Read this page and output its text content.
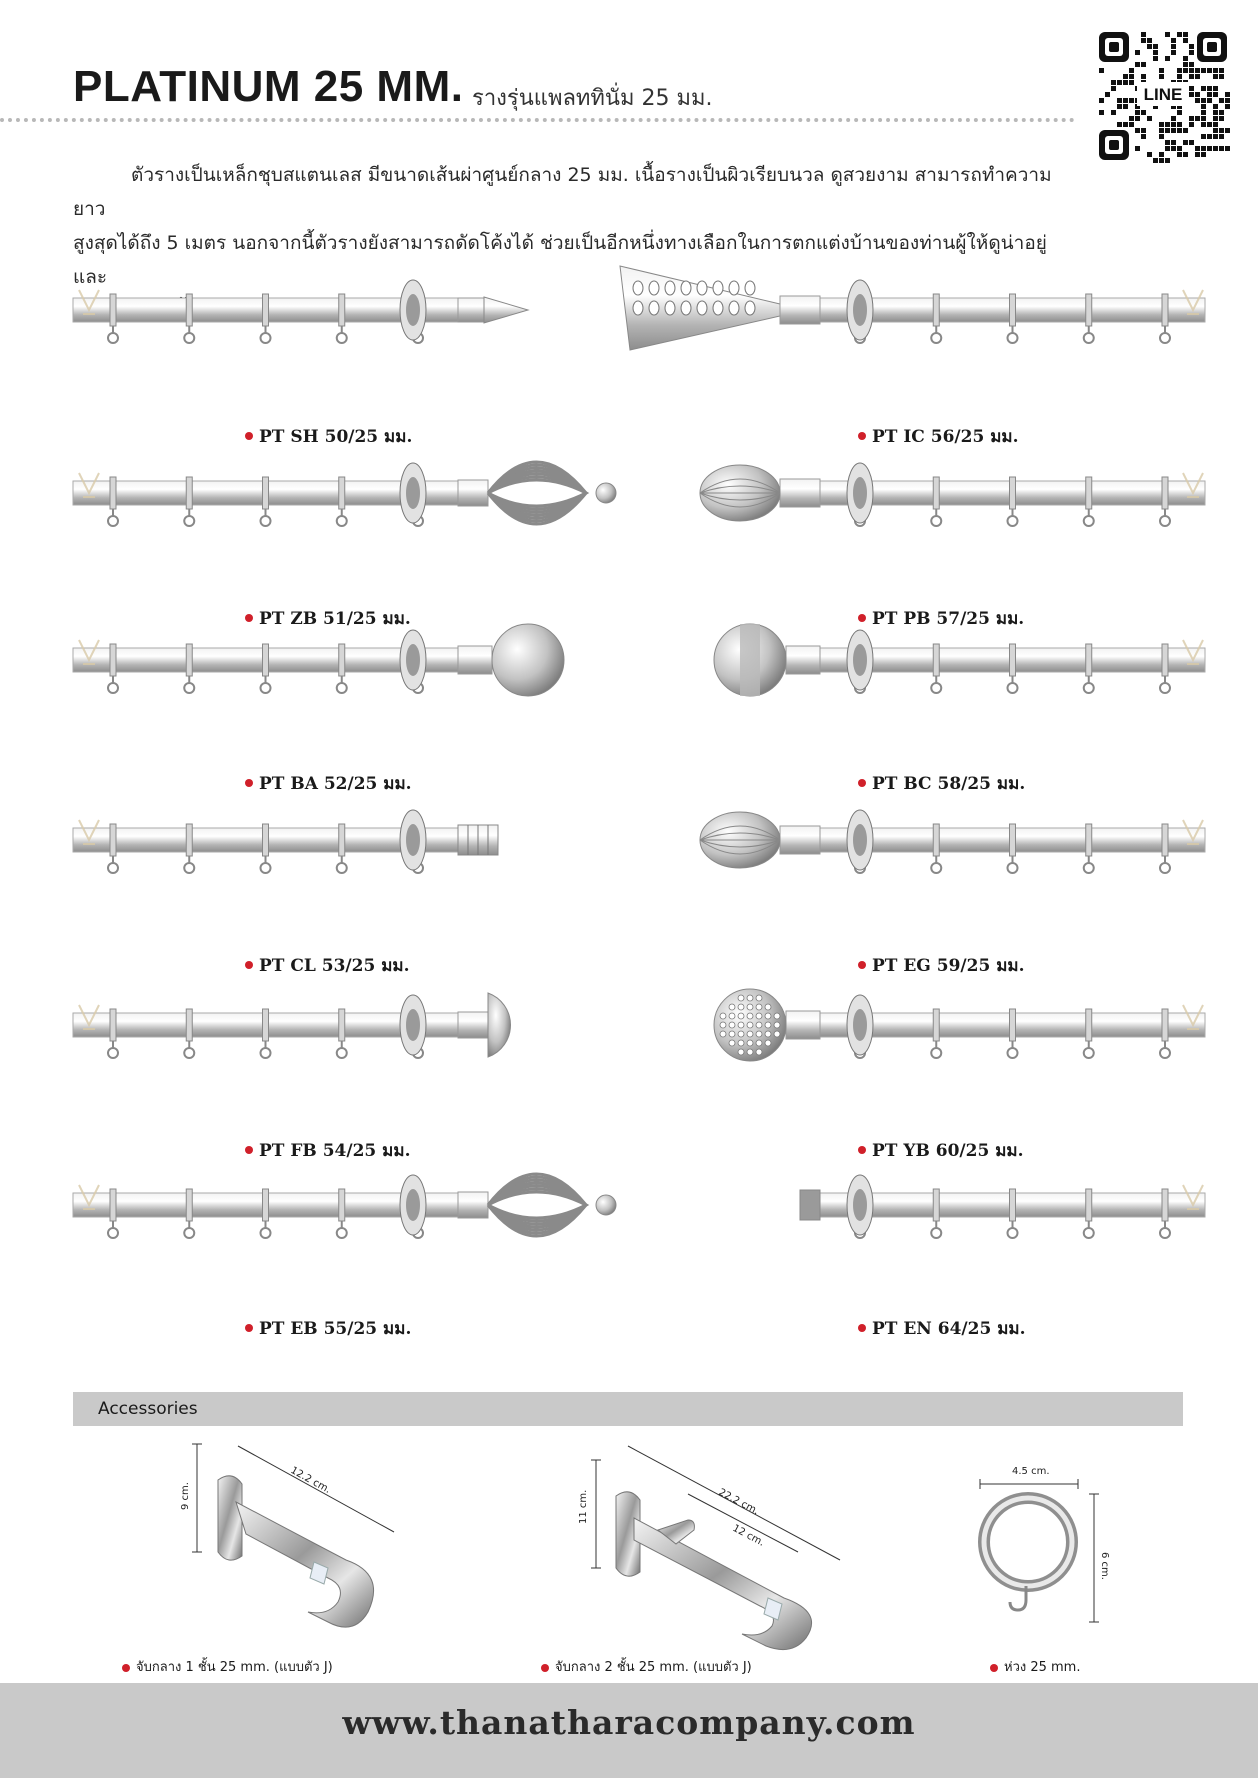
PLATINUM 25 MM. รางรุ่นแพลททินั่ม 25 มม.	LINE
ตัวรางเป็นเหล็กชุบสแตนเลส มีขนาดเส้นผ่าศูนย์กลาง 25 มม. เนื้อรางเป็นผิวเรียบนวล ดูสวยงาม สามารถทำความยาว
สูงสุดได้ถึง 5 เมตร นอกจากนี้ตัวรางยังสามารถดัดโค้งได้ ช่วยเป็นอีกหนึ่งทางเลือกในการตกแต่งบ้านของท่านผู้ให้ดูน่าอยู่และ
PT SH 50/25 มม.	PT IC 56/25 มม.
PT ZB 51/25 มม.	PT PB 57/25 มม.
PT BA 52/25 มม.	PT BC 58/25 มม.
PT CL 53/25 มม.	PT EG 59/25 มม.
PT FB 54/25 มม.	PT YB 60/25 มม.
PT EB 55/25 มม.	PT EN 64/25 มม.
Accessories
9 cm.
12.2 cm.
จับกลาง 1 ชั้น 25 mm. (แบบตัว J)
11 cm.	22.2 cm.
12 cm.
จับกลาง 2 ชั้น 25 mm. (แบบตัว J)
4.5 cm.
6 cm.
ห่วง 25 mm.
www.thanatharacompany.com
